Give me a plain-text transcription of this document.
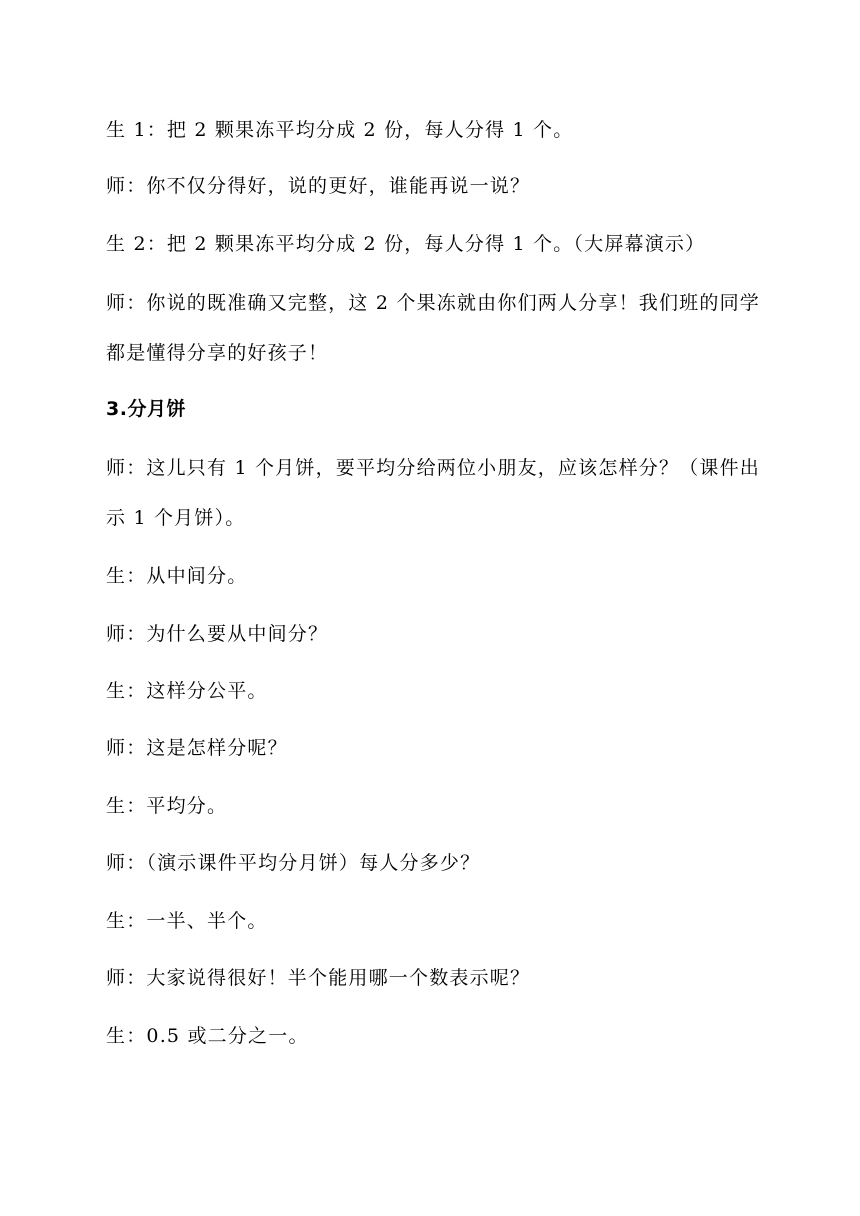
生 1：把 2 颗果冻平均分成 2 份，每人分得 1 个。

师：你不仅分得好，说的更好，谁能再说一说？

生 2：把 2 颗果冻平均分成 2 份，每人分得 1 个。（大屏幕演示）

师：你说的既准确又完整，这 2 个果冻就由你们两人分享！我们班的同学都是懂得分享的好孩子！

3.分月饼

师：这儿只有 1 个月饼，要平均分给两位小朋友，应该怎样分？（课件出示 1 个月饼）。

生：从中间分。

师：为什么要从中间分？

生：这样分公平。

师：这是怎样分呢？

生：平均分。

师：（演示课件平均分月饼）每人分多少？

生：一半、半个。

师：大家说得很好！半个能用哪一个数表示呢？

生：0.5 或二分之一。
